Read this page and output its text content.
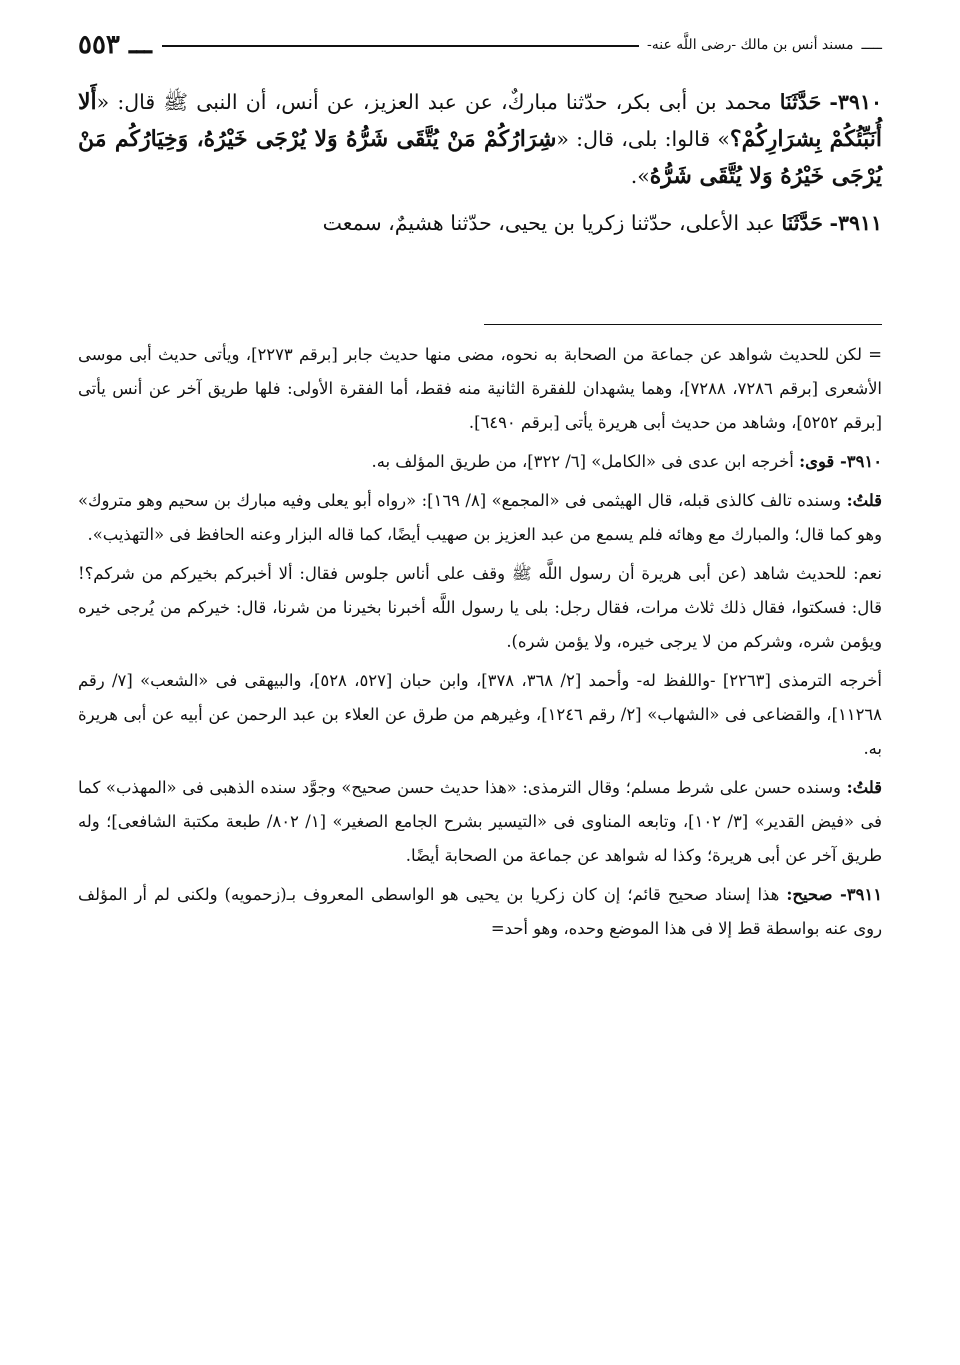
ـــــ
مسند أنس بن مالك -رضى اللَّه عنه-
ـــ ٥٥٣

٣٩١٠- حَدَّثَنَا محمد بن أبى بكر، حدّثنا مباركٌ، عن عبد العزيز، عن أنس، أن النبى ﷺ قال: «أَلا أُنَبِّئُكُمْ بِشرَارِكُمْ؟» قالوا: بلى، قال: «شِرَارُكُمْ مَنْ يُتَّقَى شَرُّهُ وَلا يُرْجَى خَيْرُهُ، وَخِيَارُكُم مَنْ يُرْجَى خَيْرُهُ وَلا يُتَّقَى شَرُّهُ».

٣٩١١- حَدَّثَنَا عبد الأعلى، حدّثنا زكريا بن يحيى، حدّثنا هشيمٌ، سمعت

= لكن للحديث شواهد عن جماعة من الصحابة به نحوه، مضى منها حديث جابر [برقم ٢٢٧٣]، ويأتى حديث أبى موسى الأشعرى [برقم ٧٢٨٦، ٧٢٨٨]، وهما يشهدان للفقرة الثانية منه فقط، أما الفقرة الأولى: فلها طريق آخر عن أنس يأتى [برقم ٥٢٥٢]، وشاهد من حديث أبى هريرة يأتى [برقم ٦٤٩٠].

٣٩١٠- قوى: أخرجه ابن عدى فى «الكامل» [٦/ ٣٢٢]، من طريق المؤلف به.

قلتُ: وسنده تالف كالذى قبله، قال الهيثمى فى «المجمع» [٨/ ١٦٩]: «رواه أبو يعلى وفيه مبارك بن سحيم وهو متروك» وهو كما قال؛ والمبارك مع وهائه فلم يسمع من عبد العزيز بن صهيب أيضًا، كما قاله البزار وعنه الحافظ فى «التهذيب».

نعم: للحديث شاهد (عن أبى هريرة أن رسول اللَّه ﷺ وقف على أناس جلوس فقال: ألا أخبركم بخيركم من شركم؟! قال: فسكتوا، فقال ذلك ثلاث مرات، فقال رجل: بلى يا رسول اللَّه أخبرنا بخيرنا من شرنا، قال: خيركم من يُرجى خيره ويؤمن شره، وشركم من لا يرجى خيره، ولا يؤمن شره).

أخرجه الترمذى [٢٢٦٣] -واللفظ له- وأحمد [٢/ ٣٦٨، ٣٧٨]، وابن حبان [٥٢٧، ٥٢٨]، والبيهقى فى «الشعب» [٧/ رقم ١١٢٦٨]، والقضاعى فى «الشهاب» [٢/ رقم ١٢٤٦]، وغيرهم من طرق عن العلاء بن عبد الرحمن عن أبيه عن أبى هريرة به.

قلتُ: وسنده حسن على شرط مسلم؛ وقال الترمذى: «هذا حديث حسن صحيح» وجوَّد سنده الذهبى فى «المهذب» كما فى «فيض القدير» [٣/ ١٠٢]، وتابعه المناوى فى «التيسير بشرح الجامع الصغير» [١/ ٨٠٢/ طبعة مكتبة الشافعى]؛ وله طريق آخر عن أبى هريرة؛ وكذا له شواهد عن جماعة من الصحابة أيضًا.

٣٩١١- صحيح: هذا إسناد صحيح قائم؛ إن كان زكريا بن يحيى هو الواسطى المعروف بـ(زحمويه) ولكنى لم أر المؤلف روى عنه بواسطة قط إلا فى هذا الموضع وحده، وهو أحد=
